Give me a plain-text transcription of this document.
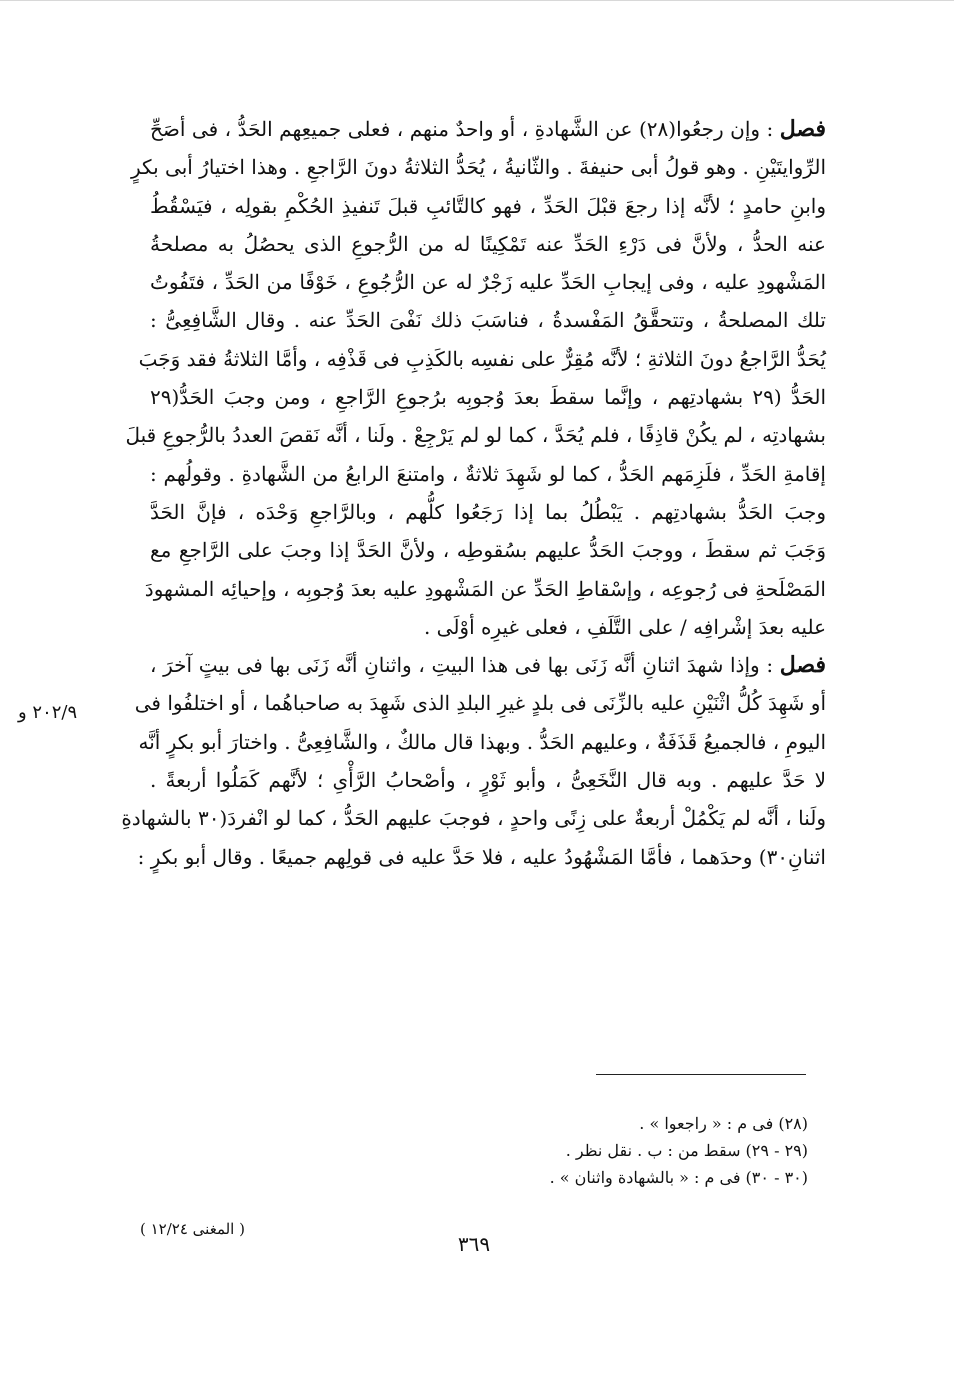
فصل : وإن رجعُوا(٢٨) عن الشَّهادةِ ، أو واحدٌ منهم ، فعلى جميعِهم الحَدُّ ، فى أصَحِّ

الرِّوايتَيْنِ . وهو قولُ أبى حنيفةَ . والثّانيةُ ، يُحَدُّ الثلاثةُ دونَ الرَّاجعِ . وهذا اختيارُ أبى بكرٍ

وابنِ حامدٍ ؛ لأنَّه إذا رجعَ قبْلَ الحَدِّ ، فهو كالتَّائبِ قبلَ تَنفيذِ الحُكْمِ بقولِه ، فيَسْقُطُ

عنه الحدُّ ، ولأنَّ فى دَرْءِ الحَدِّ عنه تَمْكِينًا له من الرُّجوعِ الذى يحصُلُ به مصلحةُ

المَشْهودِ عليه ، وفى إيجابِ الحَدِّ عليه زَجْرٌ له عن الرُّجُوعِ ، خَوْفًا من الحَدِّ ، فتَفُوتُ

تلك المصلحةُ ، وتتحقَّقُ المَفْسدةُ ، فناسَبَ ذلك نَفْىَ الحَدِّ عنه . وقال الشَّافِعِىُّ :

يُحَدُّ الرَّاجعُ دونَ الثلاثةِ ؛ لأنَّه مُقِرٌّ على نفسِه بالكَذِبِ فى قَذْفِه ، وأمَّا الثلاثةُ فقد وَجَبَ

الحَدُّ (٢٩ بشهادتِهم ، وإنَّما سقطَ بعدَ وُجوبِه برُجوعِ الرَّاجعِ ، ومن وجبَ الحَدُّ(٢٩

بشهادتِه ، لم يكُنْ قاذِفًا ، فلم يُحَدَّ ، كما لو لم يَرْجِعْ . ولَنا ، أنَّه نَقصَ العددُ بالرُّجوعِ قبلَ

إقامةِ الحَدِّ ، فلَزِمَهم الحَدُّ ، كما لو شَهِدَ ثلاثةٌ ، وامتنعَ الرابعُ من الشَّهادةِ . وقولُهم :

وجبَ الحَدُّ بشهادتِهم . يَبْطُلُ بما إذا رَجَعُوا كلُّهم ، وبالرَّاجعِ وَحْدَه ، فإنَّ الحَدَّ

وَجَبَ ثم سقطَ ، ووجبَ الحَدُّ عليهم بسُقوطِه ، ولأنَّ الحَدَّ إذا وجبَ على الرَّاجعِ مع

المَصْلَحةِ فى رُجوعِه ، وإسْقاطِ الحَدِّ عن المَشْهودِ عليه بعدَ وُجوبِه ، وإحيائِه المشهودَ

عليه بعدَ إشْرافِه / على التَّلَفِ ، فعلى غيرِه أوْلَى .

فصل : وإذا شهدَ اثنانِ أنَّه زَنَى بها فى هذا البيتِ ، واثنانِ أنَّه زَنَى بها فى بيتٍ آخرَ ،

أو شَهِدَ كُلُّ اثْنَيْنِ عليه بالزِّنَى فى بلدٍ غيرِ البلدِ الذى شَهِدَ به صاحباهُما ، أو اختلفُوا فى

اليومِ ، فالجميعُ قَذَفَةٌ ، وعليهم الحَدُّ . وبهذا قال مالكٌ ، والشَّافِعِىُّ . واختارَ أبو بكرٍ أنَّه

لا حَدَّ عليهم . وبه قال النَّخَعِىُّ ، وأبو ثَوْرٍ ، وأصْحابُ الرَّأْىِ ؛ لأنَّهم كَمَلُوا أربعةً .

ولَنا ، أنَّه لم يَكْمُلْ أربعةٌ على زِنًى واحدٍ ، فوجبَ عليهم الحَدُّ ، كما لو انْفردَ(٣٠ بالشهادةِ

اثنانِ٣٠) وحدَهما ، فأمَّا المَشْهُودُ عليه ، فلا حَدَّ عليه فى قولِهم جميعًا . وقال أبو بكرٍ :

٢٠٢/٩ و

(٢٨) فى م : « راجعوا » .

(٢٩ - ٢٩) سقط من : ب . نقل نظر .

(٣٠ - ٣٠) فى م : « بالشهادة واثنان » .

( المغنى ١٢/٢٤ )
٣٦٩
